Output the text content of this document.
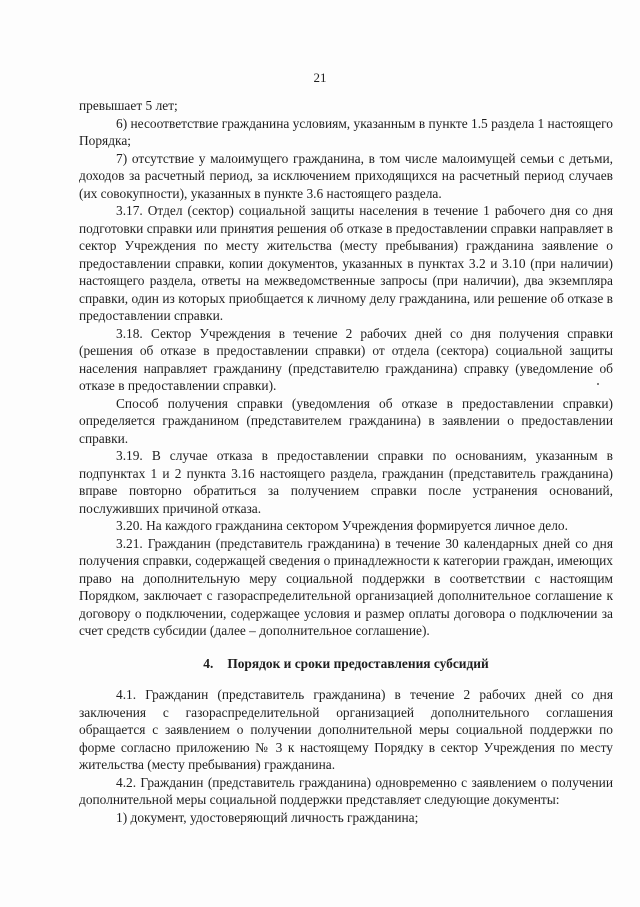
21

превышает 5 лет;

6) несоответствие гражданина условиям, указанным в пункте 1.5 раздела 1 настоящего Порядка;

7) отсутствие у малоимущего гражданина, в том числе малоимущей семьи с детьми, доходов за расчетный период, за исключением приходящихся на расчетный период случаев (их совокупности), указанных в пункте 3.6 настоящего раздела.

3.17. Отдел (сектор) социальной защиты населения в течение 1 рабочего дня со дня подготовки справки или принятия решения об отказе в предоставлении справки направляет в сектор Учреждения по месту жительства (месту пребывания) гражданина заявление о предоставлении справки, копии документов, указанных в пунктах 3.2 и 3.10 (при наличии) настоящего раздела, ответы на межведомственные запросы (при наличии), два экземпляра справки, один из которых приобщается к личному делу гражданина, или решение об отказе в предоставлении справки.

3.18. Сектор Учреждения в течение 2 рабочих дней со дня получения справки (решения об отказе в предоставлении справки) от отдела (сектора) социальной защиты населения направляет гражданину (представителю гражданина) справку (уведомление об отказе в предоставлении справки).

Способ получения справки (уведомления об отказе в предоставлении справки) определяется гражданином (представителем гражданина) в заявлении о предоставлении справки.

3.19. В случае отказа в предоставлении справки по основаниям, указанным в подпунктах 1 и 2 пункта 3.16 настоящего раздела, гражданин (представитель гражданина) вправе повторно обратиться за получением справки после устранения оснований, послуживших причиной отказа.

3.20. На каждого гражданина сектором Учреждения формируется личное дело.

3.21. Гражданин (представитель гражданина) в течение 30 календарных дней со дня получения справки, содержащей сведения о принадлежности к категории граждан, имеющих право на дополнительную меру социальной поддержки в соответствии с настоящим Порядком, заключает с газораспределительной организацией дополнительное соглашение к договору о подключении, содержащее условия и размер оплаты договора о подключении за счет средств субсидии (далее – дополнительное соглашение).

4. Порядок и сроки предоставления субсидий

4.1. Гражданин (представитель гражданина) в течение 2 рабочих дней со дня заключения с газораспределительной организацией дополнительного соглашения обращается с заявлением о получении дополнительной меры социальной поддержки по форме согласно приложению № 3 к настоящему Порядку в сектор Учреждения по месту жительства (месту пребывания) гражданина.

4.2. Гражданин (представитель гражданина) одновременно с заявлением о получении дополнительной меры социальной поддержки представляет следующие документы:

1) документ, удостоверяющий личность гражданина;
